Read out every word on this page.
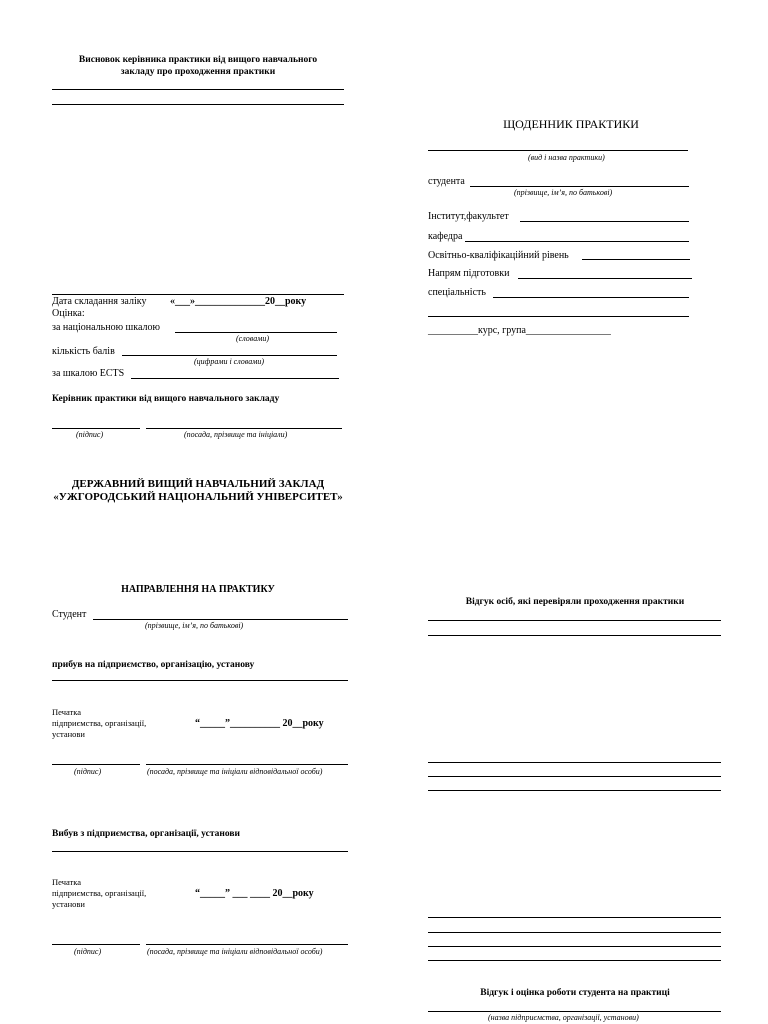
Висновок керівника практики від вищого навчального
закладу про проходження практики
Дата складання заліку «___»______________20__року
Оцінка:
за національною шкалою
(словами)
кількість балів
(цифрами і словами)
за шкалою ECTS
Керівник практики від вищого навчального закладу
(підпис)	(посада, прізвище та ініціали)
ДЕРЖАВНИЙ ВИЩИЙ НАВЧАЛЬНИЙ ЗАКЛАД
«УЖГОРОДСЬКИЙ НАЦІОНАЛЬНИЙ УНІВЕРСИТЕТ»
ЩОДЕННИК ПРАКТИКИ
(вид і назва практики)
студента
(прізвище, ім’я, по батькові)
Інститут,факультет
кафедра
Освітньо-кваліфікаційний рівень
Напрям підготовки
спеціальність
__________курс, група_________________
НАПРАВЛЕННЯ НА ПРАКТИКУ
Студент
(прізвище, ім’я, по батькові)
прибув на підприємство, організацію, установу
Печатка
підприємства, організації,
установи
“_____”__________ 20__року
(підпис)	(посада, прізвище та ініціали відповідальної особи)
Вибув з підприємства, організації, установи
Печатка
підприємства, організації,
установи
“_____” ___ ____ 20__року
(підпис)	(посада, прізвище та ініціали відповідальної особи)
Відгук осіб, які перевіряли проходження практики
Відгук і оцінка роботи студента на практиці
(назва підприємства, організації, установи)
